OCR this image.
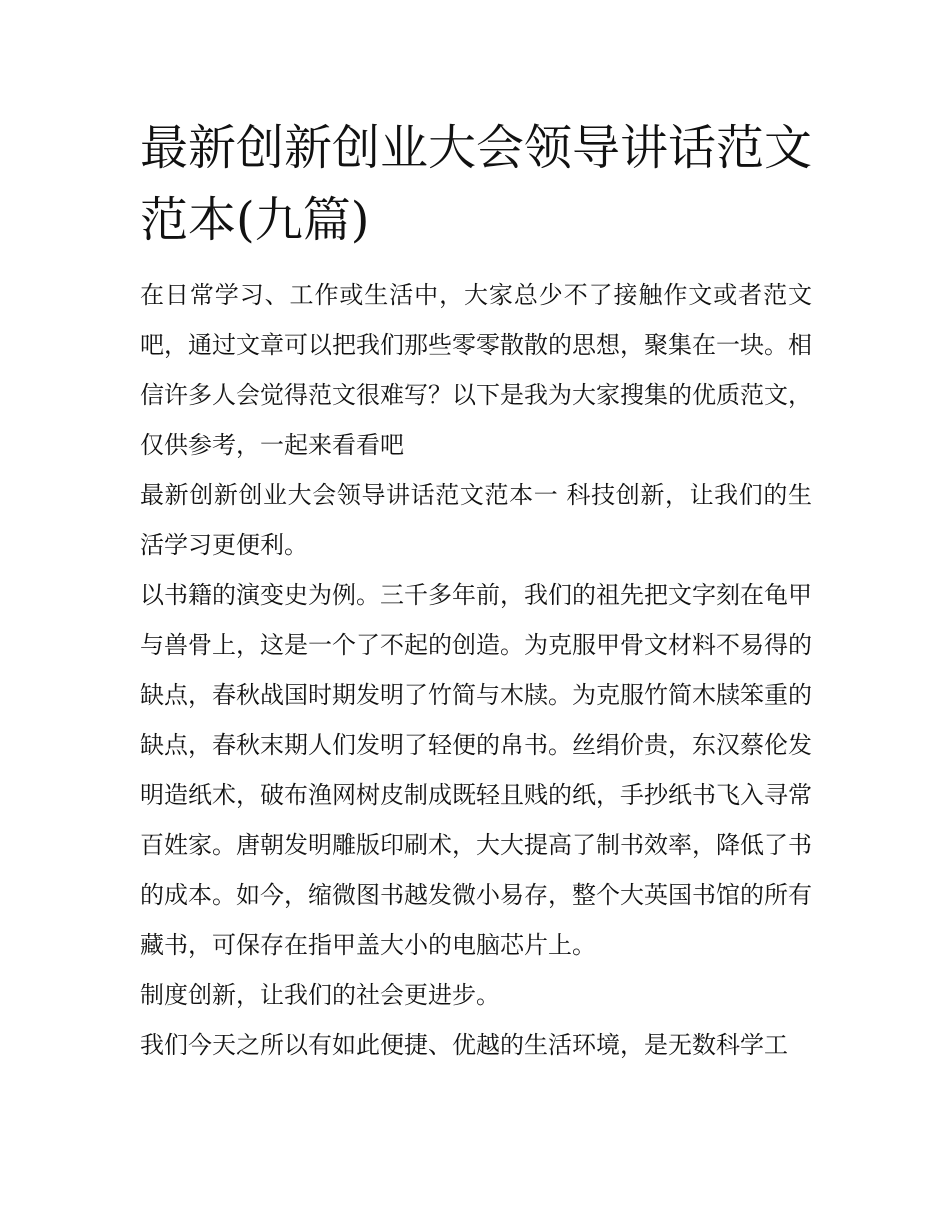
最新创新创业大会领导讲话范文范本(九篇)

在日常学习、工作或生活中，大家总少不了接触作文或者范文吧，通过文章可以把我们那些零零散散的思想，聚集在一块。相信许多人会觉得范文很难写？以下是我为大家搜集的优质范文，仅供参考，一起来看看吧

最新创新创业大会领导讲话范文范本一 科技创新，让我们的生活学习更便利。

以书籍的演变史为例。三千多年前，我们的祖先把文字刻在龟甲与兽骨上，这是一个了不起的创造。为克服甲骨文材料不易得的缺点，春秋战国时期发明了竹简与木牍。为克服竹简木牍笨重的缺点，春秋末期人们发明了轻便的帛书。丝绢价贵，东汉蔡伦发明造纸术，破布渔网树皮制成既轻且贱的纸，手抄纸书飞入寻常百姓家。唐朝发明雕版印刷术，大大提高了制书效率，降低了书的成本。如今，缩微图书越发微小易存，整个大英国书馆的所有藏书，可保存在指甲盖大小的电脑芯片上。

制度创新，让我们的社会更进步。

我们今天之所以有如此便捷、优越的生活环境，是无数科学工
